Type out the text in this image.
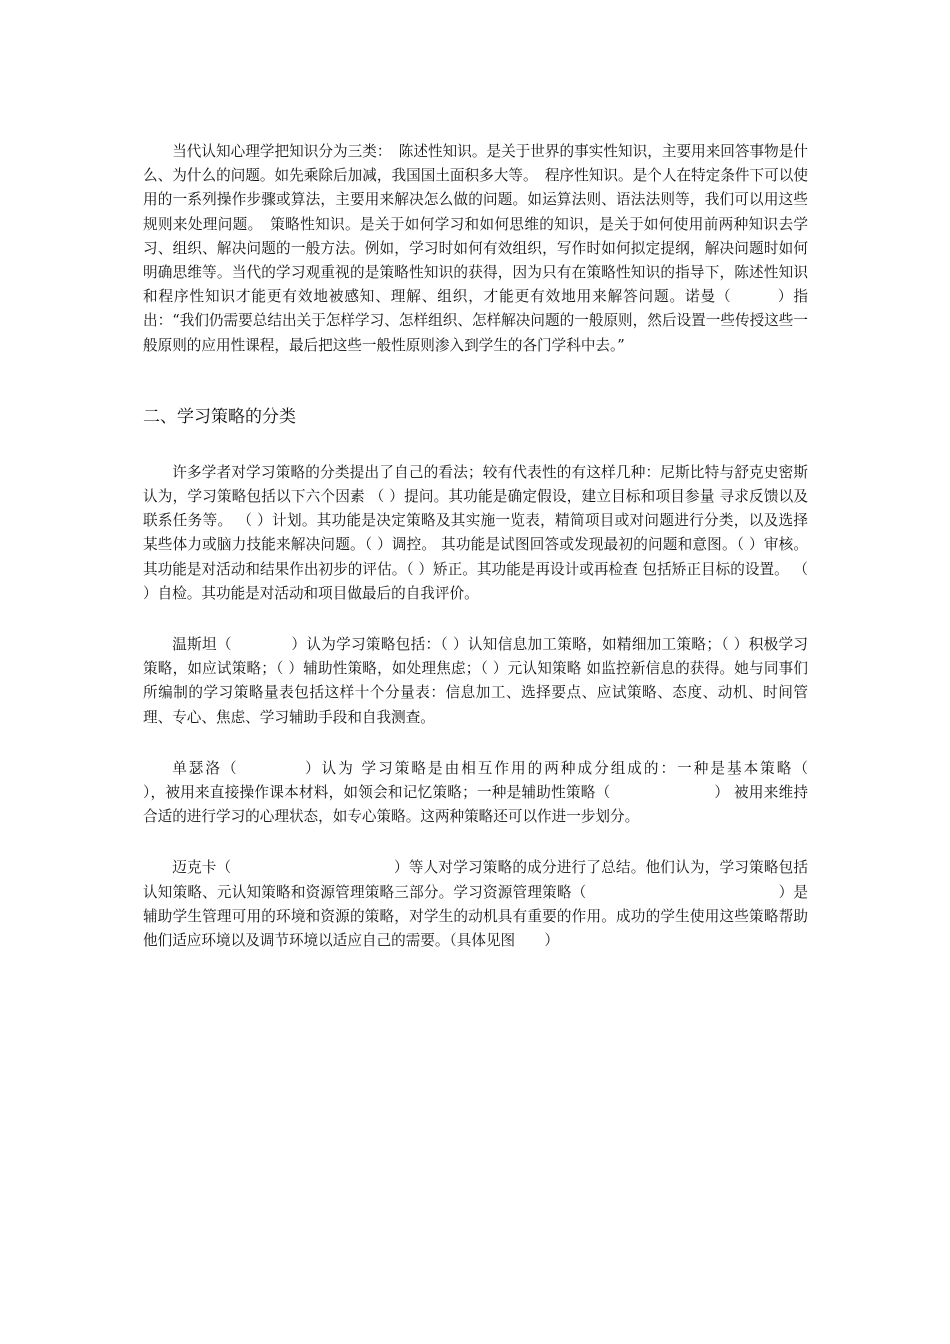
当代认知心理学把知识分为三类：　陈述性知识。是关于世界的事实性知识，主要用来回答事物是什么、为什么的问题。如先乘除后加减，我国国土面积多大等。　程序性知识。是个人在特定条件下可以使用的一系列操作步骤或算法，主要用来解决怎么做的问题。如运算法则、语法法则等，我们可以用这些规则来处理问题。　策略性知识。是关于如何学习和如何思维的知识，是关于如何使用前两种知识去学习、组织、解决问题的一般方法。例如，学习时如何有效组织，写作时如何拟定提纲，解决问题时如何明确思维等。当代的学习观重视的是策略性知识的获得，因为只有在策略性知识的指导下，陈述性知识和程序性知识才能更有效地被感知、理解、组织，才能更有效地用来解答问题。诺曼（　　　）指出：“我们仍需要总结出关于怎样学习、怎样组织、怎样解决问题的一般原则，然后设置一些传授这些一般原则的应用性课程，最后把这些一般性原则渗入到学生的各门学科中去。”

二、学习策略的分类

许多学者对学习策略的分类提出了自己的看法；较有代表性的有这样几种：尼斯比特与舒克史密斯认为，学习策略包括以下六个因素 （ ）提问。其功能是确定假设，建立目标和项目参量 寻求反馈以及联系任务等。 （ ）计划。其功能是决定策略及其实施一览表，精简项目或对问题进行分类，以及选择某些体力或脑力技能来解决问题。（ ）调控。 其功能是试图回答或发现最初的问题和意图。（ ）审核。其功能是对活动和结果作出初步的评估。（ ）矫正。其功能是再设计或再检查 包括矫正目标的设置。 （ ）自检。其功能是对活动和项目做最后的自我评价。

温斯坦（　　　　）认为学习策略包括：（ ）认知信息加工策略，如精细加工策略；（ ）积极学习策略，如应试策略；（ ）辅助性策略，如处理焦虑；（ ）元认知策略 如监控新信息的获得。她与同事们所编制的学习策略量表包括这样十个分量表：信息加工、选择要点、应试策略、态度、动机、时间管理、专心、焦虑、学习辅助手段和自我测查。

单瑟洛（　　　　）认为 学习策略是由相互作用的两种成分组成的：一种是基本策略（　　　　　　　），被用来直接操作课本材料，如领会和记忆策略；一种是辅助性策略（　　　　　　　） 被用来维持合适的进行学习的心理状态，如专心策略。这两种策略还可以作进一步划分。

迈克卡（　　　　　　　　　　　）等人对学习策略的成分进行了总结。他们认为，学习策略包括认知策略、元认知策略和资源管理策略三部分。学习资源管理策略（　　　　　　　　　　　　　）是辅助学生管理可用的环境和资源的策略，对学生的动机具有重要的作用。成功的学生使用这些策略帮助他们适应环境以及调节环境以适应自己的需要。（具体见图　　）
